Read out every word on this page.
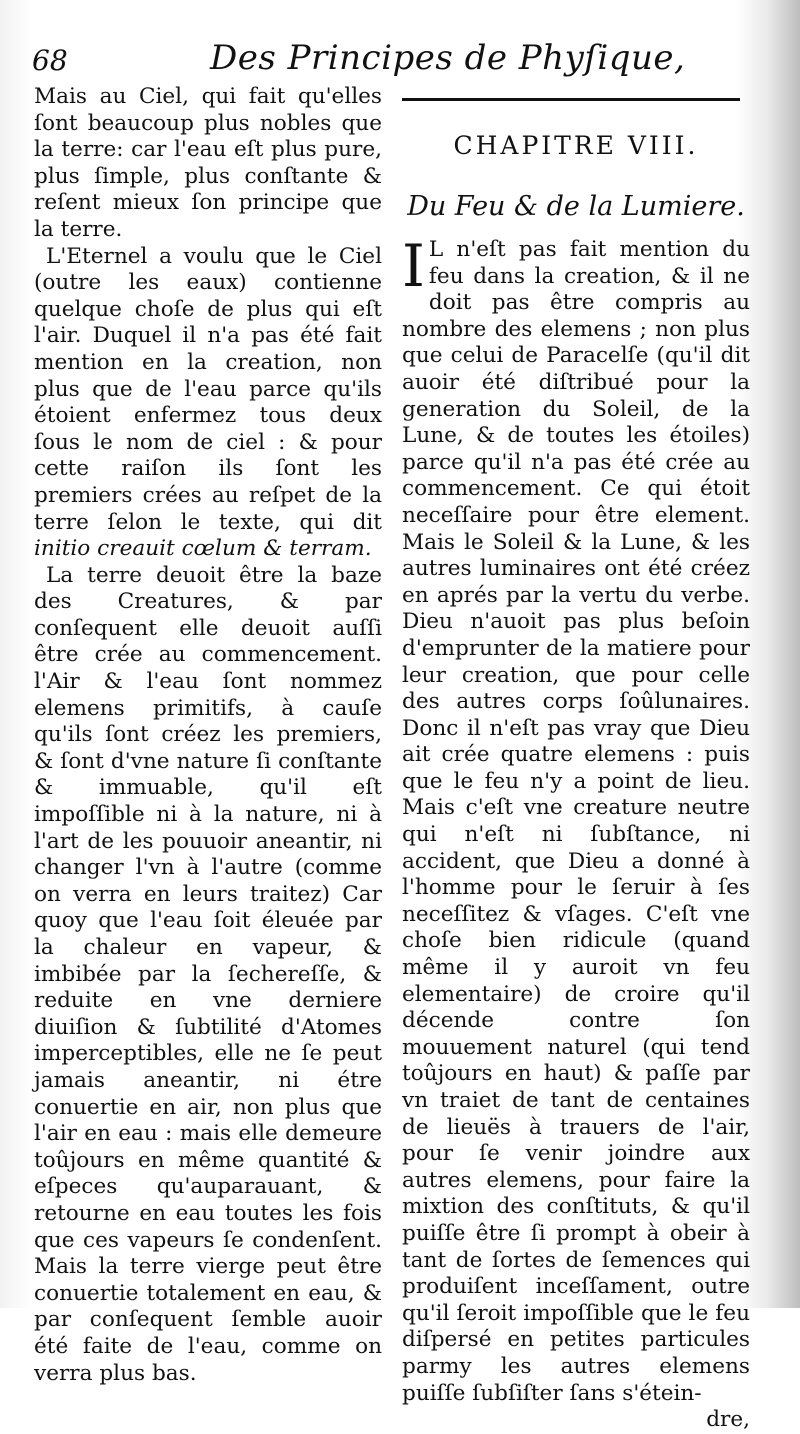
68	Des Principes de Phyſique,

Mais au Ciel, qui fait qu'elles ſont beaucoup plus nobles que la terre: car l'eau eſt plus pure, plus ſimple, plus conſtante & reſent mieux ſon principe que la terre.

L'Eternel a voulu que le Ciel (outre les eaux) contienne quelque choſe de plus qui eſt l'air. Duquel il n'a pas été fait mention en la creation, non plus que de l'eau parce qu'ils étoient enfermez tous deux ſous le nom de ciel : & pour cette raiſon ils ſont les premiers crées au reſpet de la terre ſelon le texte, qui dit initio creauit cœlum & terram.

La terre deuoit être la baze des Creatures, & par conſequent elle deuoit auſſi être crée au commencement. l'Air & l'eau ſont nommez elemens primitifs, à cauſe qu'ils ſont créez les premiers, & ſont d'vne nature ſi conſtante & immuable, qu'il eſt impoſſible ni à la nature, ni à l'art de les pouuoir aneantir, ni changer l'vn à l'autre (comme on verra en leurs traitez) Car quoy que l'eau ſoit éleuée par la chaleur en vapeur, & imbibée par la ſechereſſe, & reduite en vne derniere diuiſion & ſubtilité d'Atomes imperceptibles, elle ne ſe peut jamais aneantir, ni étre conuertie en air, non plus que l'air en eau : mais elle demeure toûjours en même quantité & eſpeces qu'auparauant, & retourne en eau toutes les fois que ces vapeurs ſe condenſent. Mais la terre vierge peut être conuertie totalement en eau, & par conſequent ſemble auoir été faite de l'eau, comme on verra plus bas.

CHAPITRE VIII.
Du Feu & de la Lumiere.
I L n'eſt pas fait mention du feu dans la creation, & il ne doit pas être compris au nombre des elemens ; non plus que celui de Paracelſe (qu'il dit auoir été diſtribué pour la generation du Soleil, de la Lune, & de toutes les étoiles) parce qu'il n'a pas été crée au commencement. Ce qui étoit neceſſaire pour être element. Mais le Soleil & la Lune, & les autres luminaires ont été créez en aprés par la vertu du verbe. Dieu n'auoit pas plus beſoin d'emprunter de la matiere pour leur creation, que pour celle des autres corps ſoûlunaires. Donc il n'eſt pas vray que Dieu ait crée quatre elemens : puis que le feu n'y a point de lieu. Mais c'eſt vne creature neutre qui n'eſt ni ſubſtance, ni accident, que Dieu a donné à l'homme pour le ſeruir à ſes neceſſitez & vſages. C'eſt vne choſe bien ridicule (quand même il y auroit vn feu elementaire) de croire qu'il décende contre ſon mouuement naturel (qui tend toûjours en haut) & paſſe par vn traiet de tant de centaines de lieuës à trauers de l'air, pour ſe venir joindre aux autres elemens, pour faire la mixtion des conſtituts, & qu'il puiſſe être ſi prompt à obeir à tant de ſortes de ſemences qui produiſent inceſſament, outre qu'il ſeroit impoſſible que le feu diſpersé en petites particules parmy les autres elemens puiſſe ſubſiſter ſans s'étein-
dre,
